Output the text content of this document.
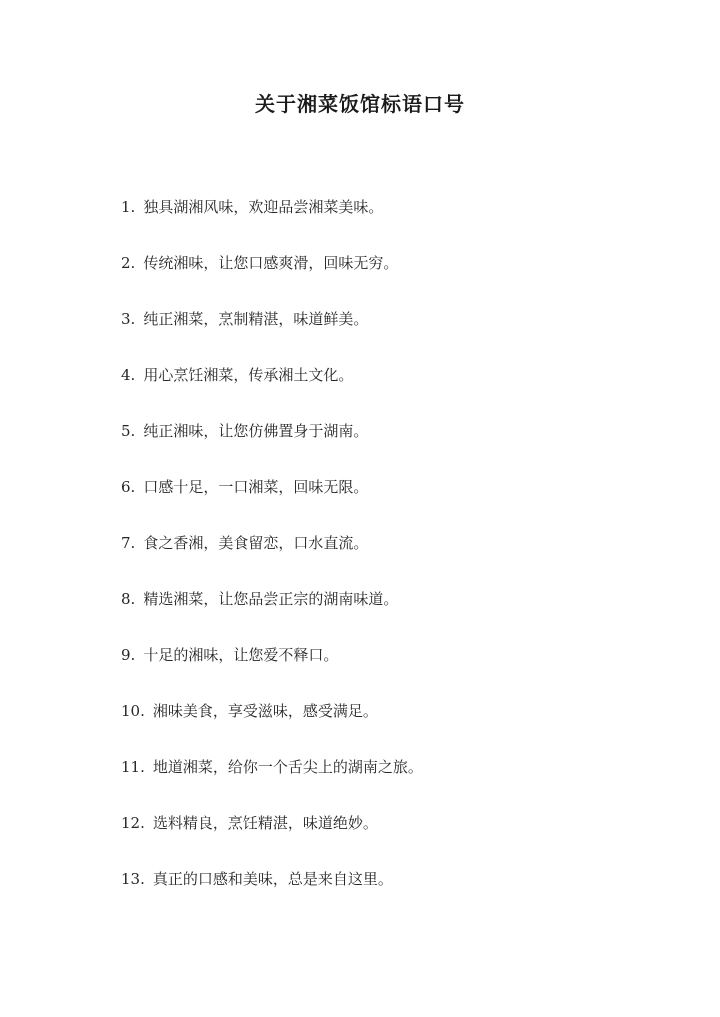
关于湘菜饭馆标语口号
1. 独具湖湘风味，欢迎品尝湘菜美味。
2. 传统湘味，让您口感爽滑，回味无穷。
3. 纯正湘菜，烹制精湛，味道鲜美。
4. 用心烹饪湘菜，传承湘土文化。
5. 纯正湘味，让您仿佛置身于湖南。
6. 口感十足，一口湘菜，回味无限。
7. 食之香湘，美食留恋，口水直流。
8. 精选湘菜，让您品尝正宗的湖南味道。
9. 十足的湘味，让您爱不释口。
10. 湘味美食，享受滋味，感受满足。
11. 地道湘菜，给你一个舌尖上的湖南之旅。
12. 选料精良，烹饪精湛，味道绝妙。
13. 真正的口感和美味，总是来自这里。
